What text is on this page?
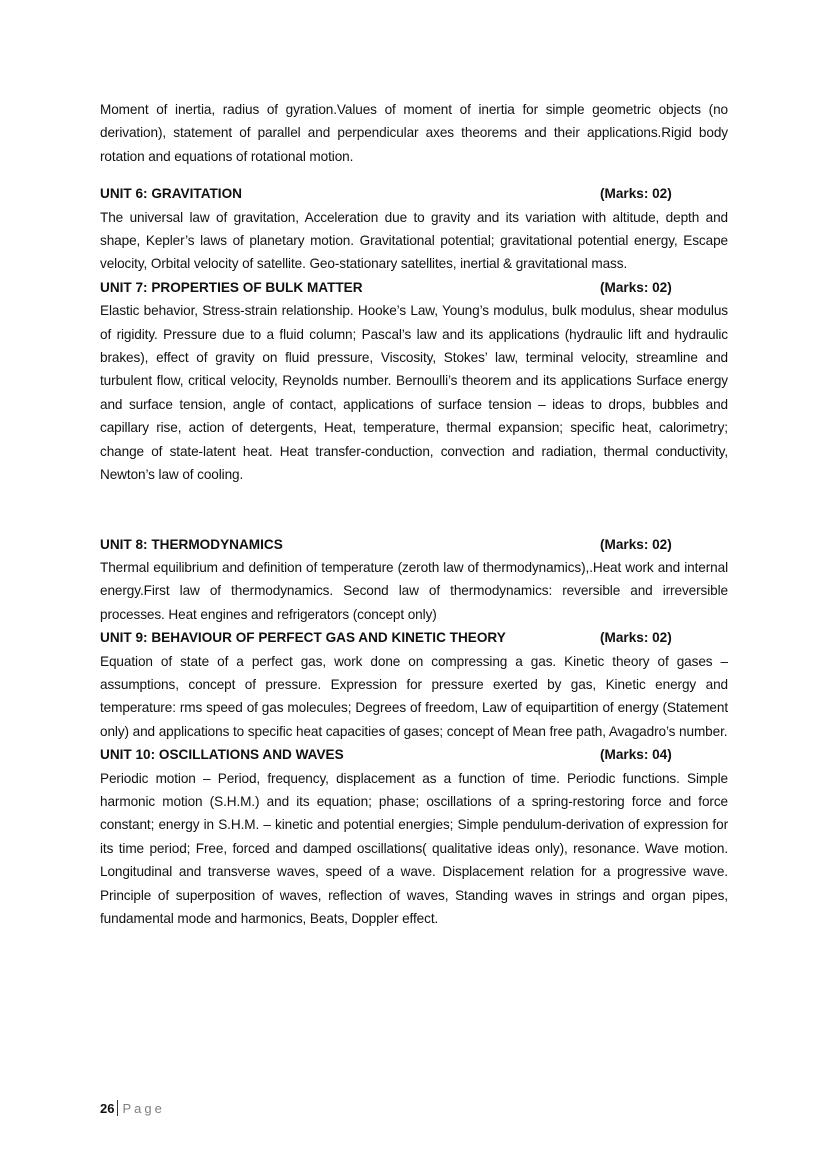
Moment of inertia, radius of gyration.Values of moment of inertia for simple geometric objects (no derivation), statement of parallel and perpendicular axes theorems and their applications.Rigid body rotation and equations of rotational motion.

UNIT 6: GRAVITATION	(Marks: 02)

The universal law of gravitation, Acceleration due to gravity and its variation with altitude, depth and shape, Kepler’s laws of planetary motion. Gravitational potential; gravitational potential energy, Escape velocity, Orbital velocity of satellite. Geo-stationary satellites, inertial & gravitational mass.

UNIT 7: PROPERTIES OF BULK MATTER	(Marks: 02)

Elastic behavior, Stress-strain relationship. Hooke’s Law, Young’s modulus, bulk modulus, shear modulus of rigidity. Pressure due to a fluid column; Pascal’s law and its applications (hydraulic lift and hydraulic brakes), effect of gravity on fluid pressure, Viscosity, Stokes’ law, terminal velocity, streamline and turbulent flow, critical velocity, Reynolds number. Bernoulli’s theorem and its applications Surface energy and surface tension, angle of contact, applications of surface tension – ideas to drops, bubbles and capillary rise, action of detergents, Heat, temperature, thermal expansion; specific heat, calorimetry; change of state-latent heat. Heat transfer-conduction, convection and radiation, thermal conductivity, Newton’s law of cooling.

UNIT 8: THERMODYNAMICS	(Marks: 02)

Thermal equilibrium and definition of temperature (zeroth law of thermodynamics),.Heat work and internal energy.First law of thermodynamics. Second law of thermodynamics: reversible and irreversible processes. Heat engines and refrigerators (concept only)

UNIT 9: BEHAVIOUR OF PERFECT GAS AND KINETIC THEORY	(Marks: 02)

Equation of state of a perfect gas, work done on compressing a gas. Kinetic theory of gases – assumptions, concept of pressure. Expression for pressure exerted by gas, Kinetic energy and temperature: rms speed of gas molecules; Degrees of freedom, Law of equipartition of energy (Statement only) and applications to specific heat capacities of gases; concept of Mean free path, Avagadro’s number.

UNIT 10: OSCILLATIONS AND WAVES	(Marks: 04)

Periodic motion – Period, frequency, displacement as a function of time. Periodic functions. Simple harmonic motion (S.H.M.) and its equation; phase; oscillations of a spring-restoring force and force constant; energy in S.H.M. – kinetic and potential energies; Simple pendulum-derivation of expression for its time period; Free, forced and damped oscillations( qualitative ideas only), resonance. Wave motion. Longitudinal and transverse waves, speed of a wave. Displacement relation for a progressive wave. Principle of superposition of waves, reflection of waves, Standing waves in strings and organ pipes, fundamental mode and harmonics, Beats, Doppler effect.

26 Page
